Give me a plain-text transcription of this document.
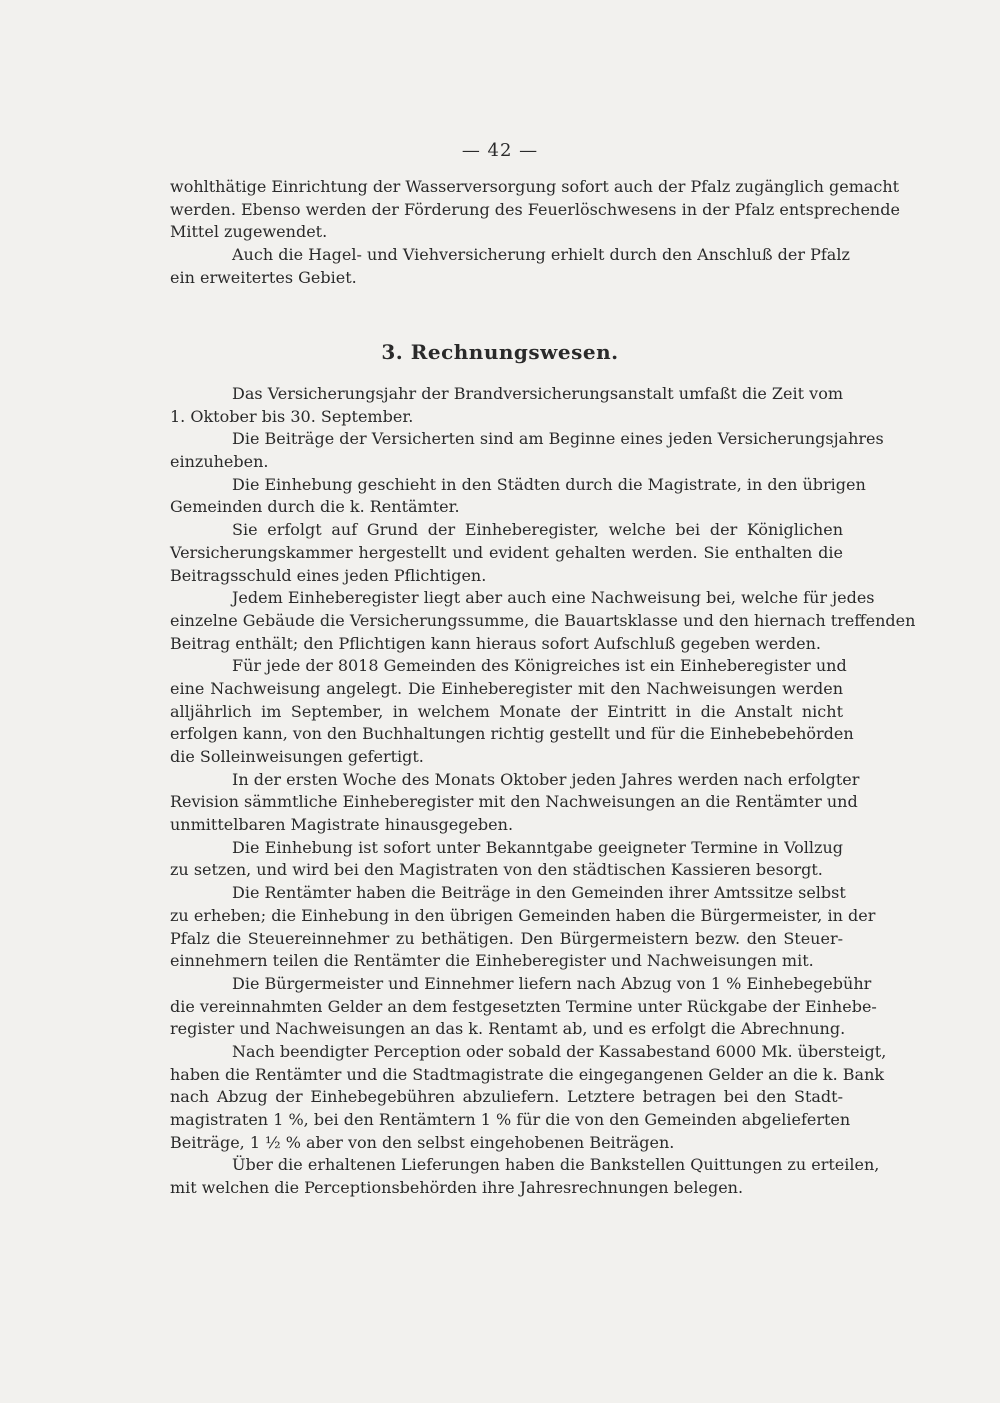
— 42 —
wohlthätige Einrichtung der Wasserversorgung sofort auch der Pfalz zugänglich gemacht
werden. Ebenso werden der Förderung des Feuerlöschwesens in der Pfalz entsprechende
Mittel zugewendet.
Auch die Hagel- und Viehversicherung erhielt durch den Anschluß der Pfalz
ein erweitertes Gebiet.
3. Rechnungswesen.
Das Versicherungsjahr der Brandversicherungsanstalt umfaßt die Zeit vom
1. Oktober bis 30. September.
Die Beiträge der Versicherten sind am Beginne eines jeden Versicherungsjahres
einzuheben.
Die Einhebung geschieht in den Städten durch die Magistrate, in den übrigen
Gemeinden durch die k. Rentämter.
Sie erfolgt auf Grund der Einheberegister, welche bei der Königlichen
Versicherungskammer hergestellt und evident gehalten werden. Sie enthalten die
Beitragsschuld eines jeden Pflichtigen.
Jedem Einheberegister liegt aber auch eine Nachweisung bei, welche für jedes
einzelne Gebäude die Versicherungssumme, die Bauartsklasse und den hiernach treffenden
Beitrag enthält; den Pflichtigen kann hieraus sofort Aufschluß gegeben werden.
Für jede der 8018 Gemeinden des Königreiches ist ein Einheberegister und
eine Nachweisung angelegt. Die Einheberegister mit den Nachweisungen werden
alljährlich im September, in welchem Monate der Eintritt in die Anstalt nicht
erfolgen kann, von den Buchhaltungen richtig gestellt und für die Einhebebehörden
die Solleinweisungen gefertigt.
In der ersten Woche des Monats Oktober jeden Jahres werden nach erfolgter
Revision sämmtliche Einheberegister mit den Nachweisungen an die Rentämter und
unmittelbaren Magistrate hinausgegeben.
Die Einhebung ist sofort unter Bekanntgabe geeigneter Termine in Vollzug
zu setzen, und wird bei den Magistraten von den städtischen Kassieren besorgt.
Die Rentämter haben die Beiträge in den Gemeinden ihrer Amtssitze selbst
zu erheben; die Einhebung in den übrigen Gemeinden haben die Bürgermeister, in der
Pfalz die Steuereinnehmer zu bethätigen. Den Bürgermeistern bezw. den Steuer-
einnehmern teilen die Rentämter die Einheberegister und Nachweisungen mit.
Die Bürgermeister und Einnehmer liefern nach Abzug von 1 % Einhebegebühr
die vereinnahmten Gelder an dem festgesetzten Termine unter Rückgabe der Einhebe-
register und Nachweisungen an das k. Rentamt ab, und es erfolgt die Abrechnung.
Nach beendigter Perception oder sobald der Kassabestand 6000 Mk. übersteigt,
haben die Rentämter und die Stadtmagistrate die eingegangenen Gelder an die k. Bank
nach Abzug der Einhebegebühren abzuliefern. Letztere betragen bei den Stadt-
magistraten 1 %, bei den Rentämtern 1 % für die von den Gemeinden abgelieferten
Beiträge, 1 ½ % aber von den selbst eingehobenen Beiträgen.
Über die erhaltenen Lieferungen haben die Bankstellen Quittungen zu erteilen,
mit welchen die Perceptionsbehörden ihre Jahresrechnungen belegen.
